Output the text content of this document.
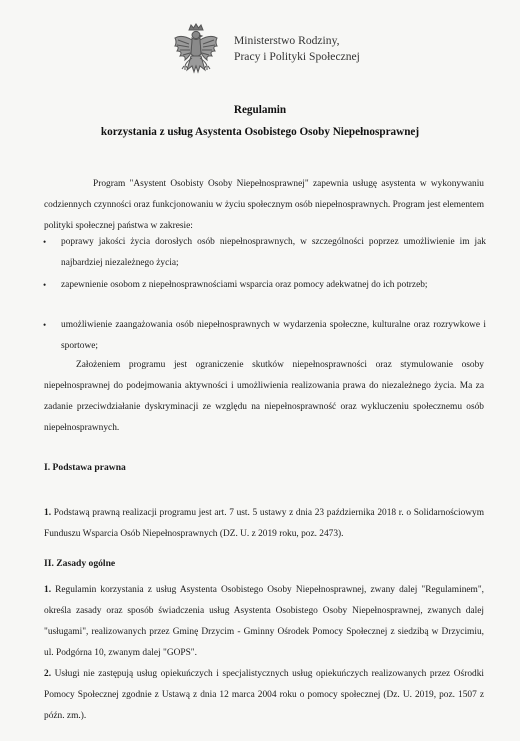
Ministerstwo Rodziny,
Pracy i Polityki Społecznej
Regulamin
korzystania z usług Asystenta Osobistego Osoby Niepełnosprawnej
Program "Asystent Osobisty Osoby Niepełnosprawnej" zapewnia usługę asystenta w wykonywaniu codziennych czynności oraz funkcjonowaniu w życiu społecznym osób niepełnosprawnych. Program jest elementem polityki społecznej państwa w zakresie:
• poprawy jakości życia dorosłych osób niepełnosprawnych, w szczególności poprzez umożliwienie im jak najbardziej niezależnego życia;
• zapewnienie osobom z niepełnosprawnościami wsparcia oraz pomocy adekwatnej do ich potrzeb;
• umożliwienie zaangażowania osób niepełnosprawnych w wydarzenia społeczne, kulturalne oraz rozrywkowe i sportowe;
Założeniem programu jest ograniczenie skutków niepełnosprawności oraz stymulowanie osoby niepełnosprawnej do podejmowania aktywności i umożliwienia realizowania prawa do niezależnego życia. Ma za zadanie przeciwdziałanie dyskryminacji ze względu na niepełnosprawność oraz wykluczeniu społecznemu osób niepełnosprawnych.
I. Podstawa prawna
1. Podstawą prawną realizacji programu jest art. 7 ust. 5 ustawy z dnia 23 października 2018 r. o Solidarnościowym Funduszu Wsparcia Osób Niepełnosprawnych (DZ. U. z 2019 roku, poz. 2473).
II. Zasady ogólne
1. Regulamin korzystania z usług Asystenta Osobistego Osoby Niepełnosprawnej, zwany dalej "Regulaminem", określa zasady oraz sposób świadczenia usług Asystenta Osobistego Osoby Niepełnosprawnej, zwanych dalej "usługami", realizowanych przez Gminę Drzycim - Gminny Ośrodek Pomocy Społecznej z siedzibą w Drzycimiu, ul. Podgórna 10, zwanym dalej "GOPS".
2. Usługi nie zastępują usług opiekuńczych i specjalistycznych usług opiekuńczych realizowanych przez Ośrodki Pomocy Społecznej zgodnie z Ustawą z dnia 12 marca 2004 roku o pomocy społecznej (Dz. U. 2019, poz. 1507 z późn. zm.).
